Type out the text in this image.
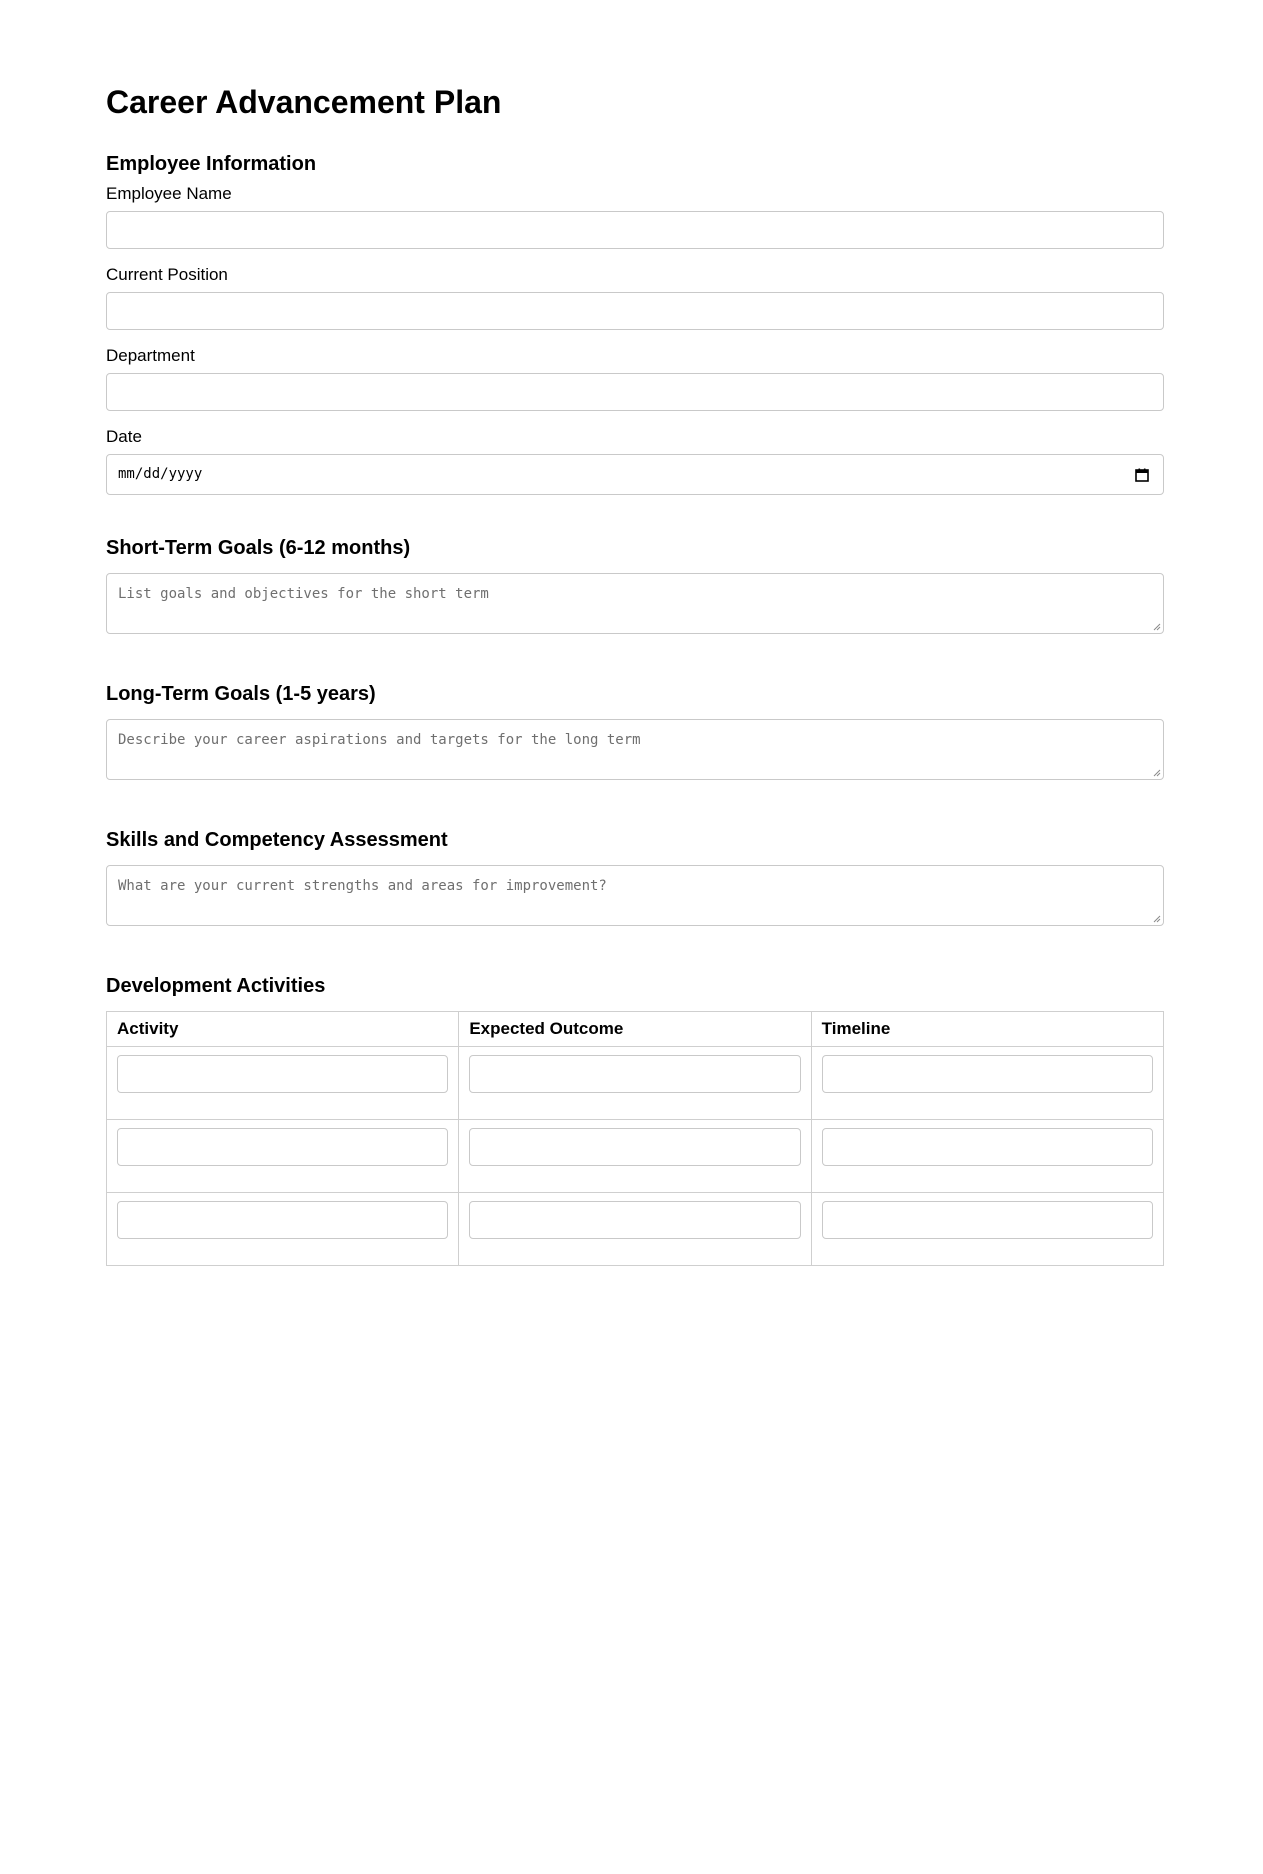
Career Advancement Plan
Employee Information
Employee Name
Current Position
Department
Date
mm/dd/yyyy
Short-Term Goals (6-12 months)
List goals and objectives for the short term
Long-Term Goals (1-5 years)
Describe your career aspirations and targets for the long term
Skills and Competency Assessment
What are your current strengths and areas for improvement?
Development Activities
Activity	Expected Outcome	Timeline
